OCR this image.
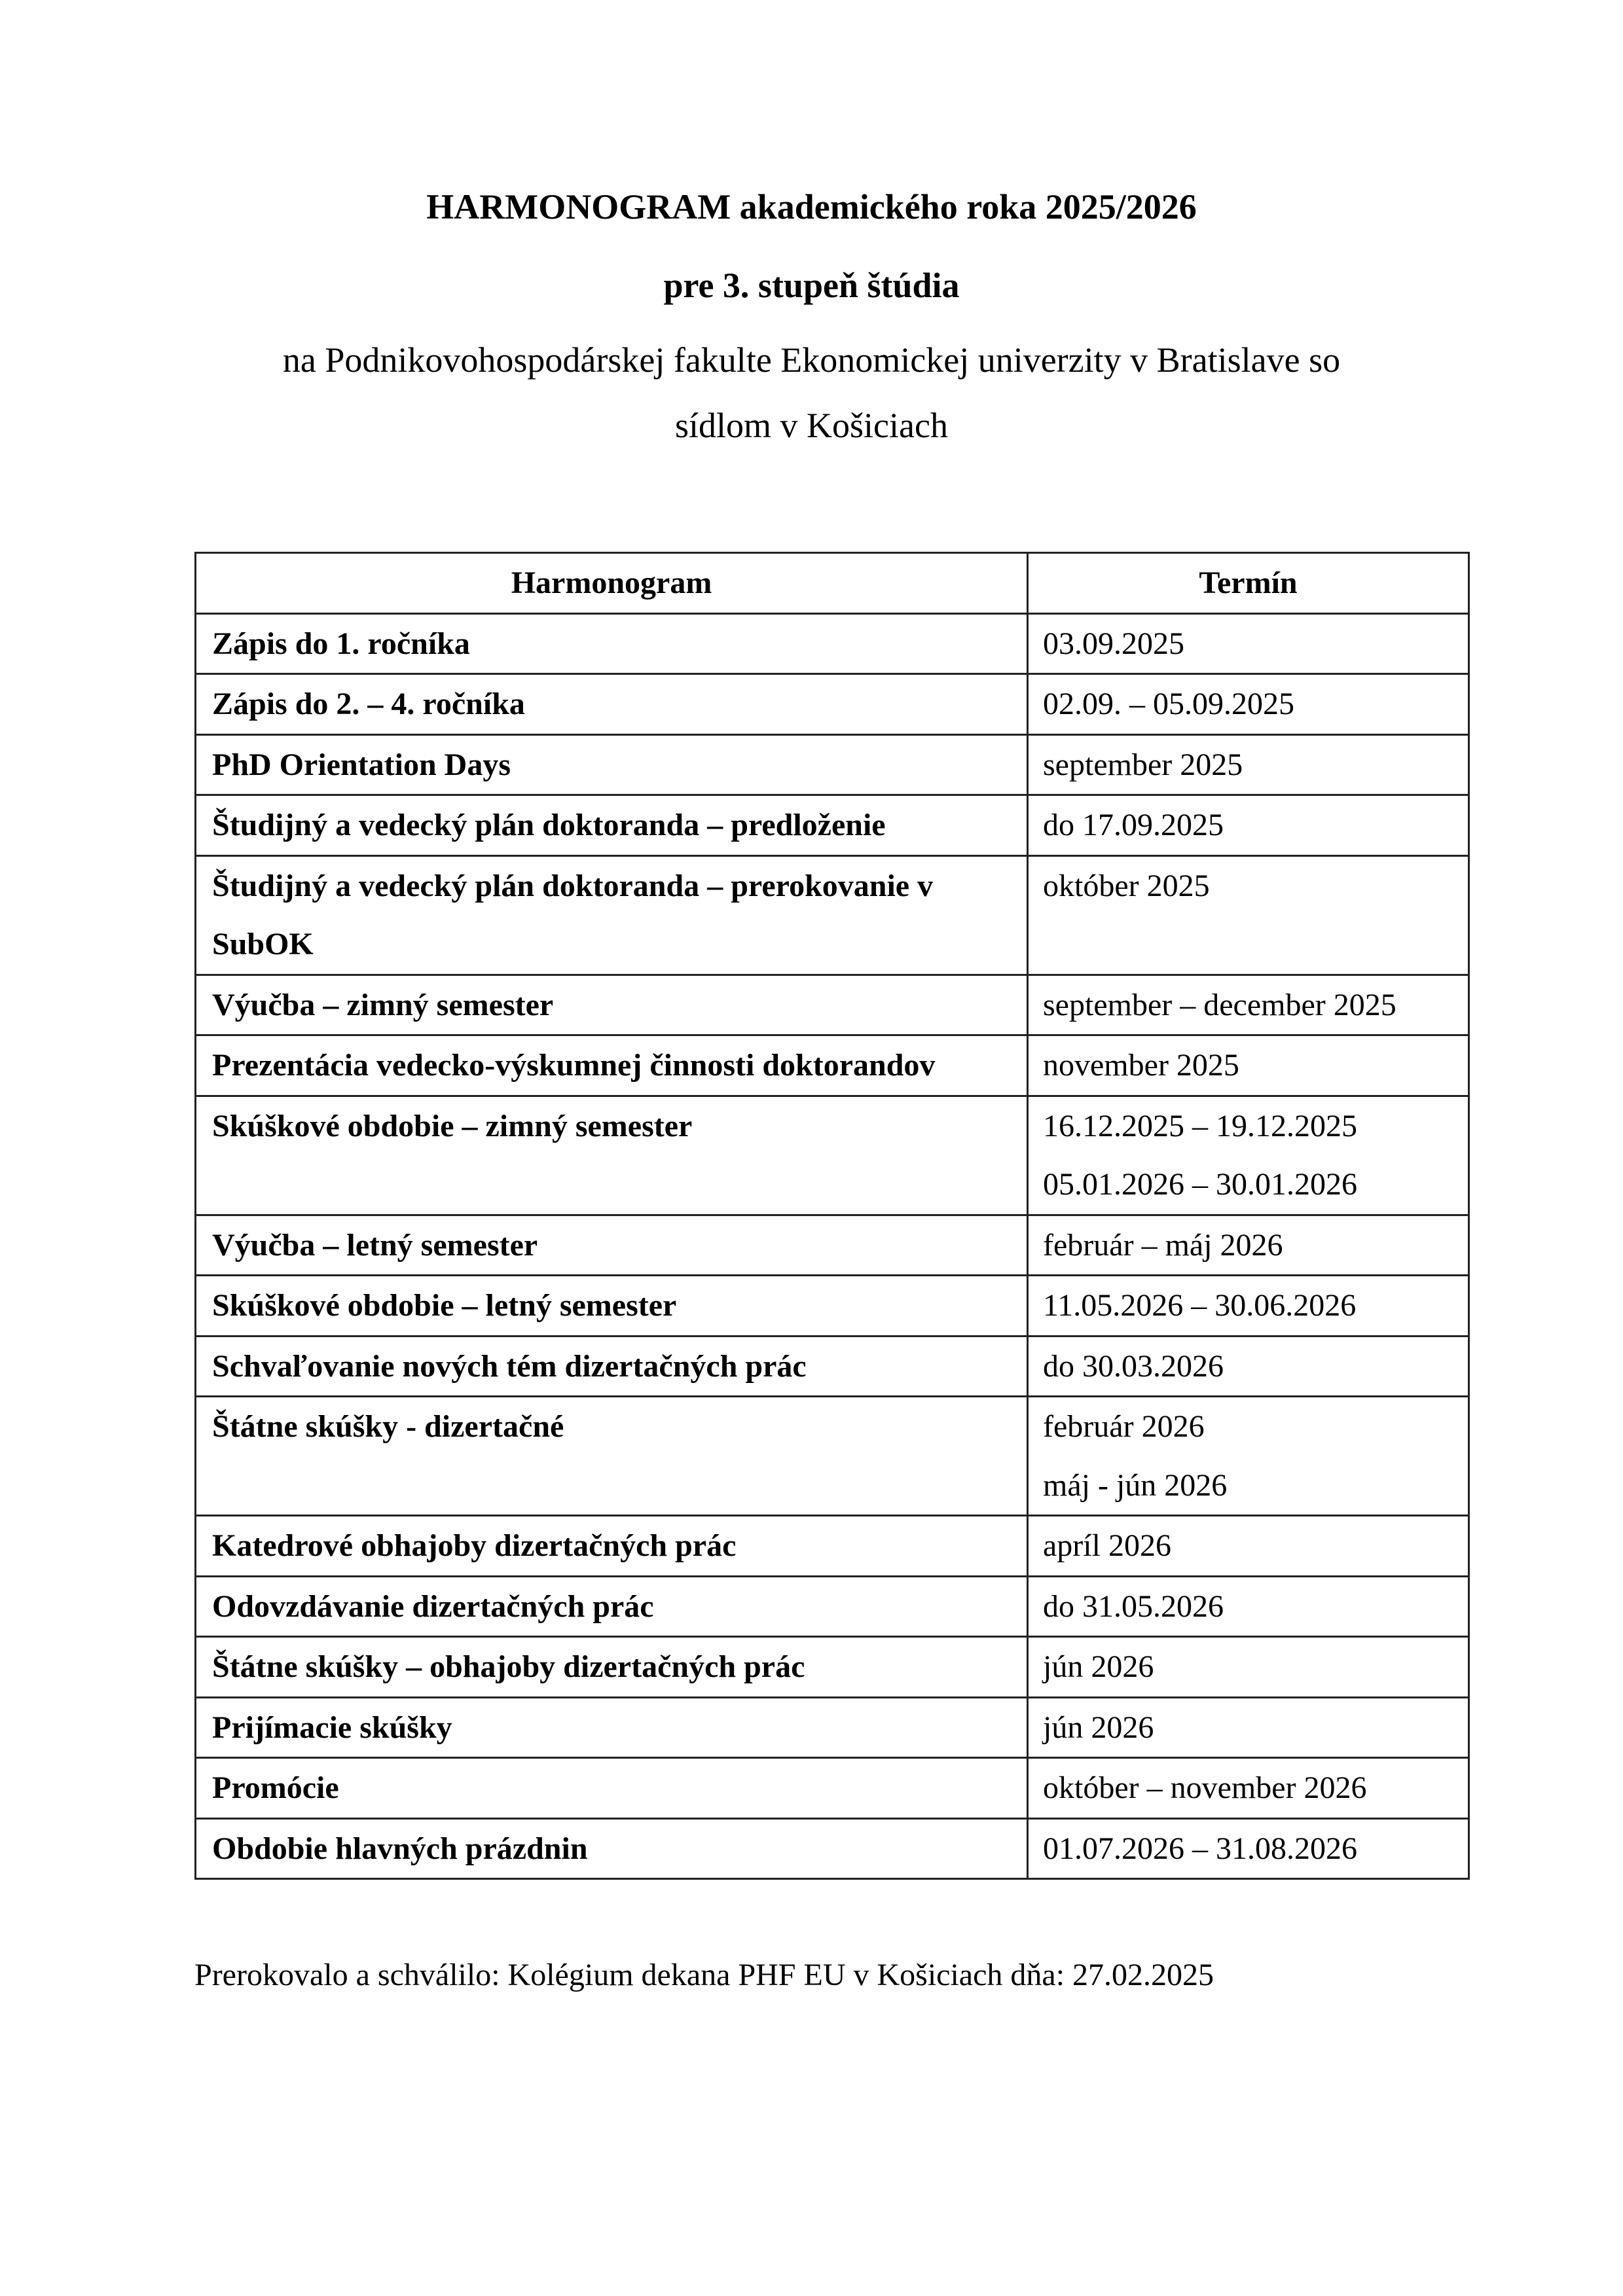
HARMONOGRAM akademického roka 2025/2026
pre 3. stupeň štúdia
na Podnikovohospodárskej fakulte Ekonomickej univerzity v Bratislave so
sídlom v Košiciach
Harmonogram	Termín
Zápis do 1. ročníka	03.09.2025

Zápis do 2. – 4. ročníka	02.09. – 05.09.2025

PhD Orientation Days	september 2025

Študijný a vedecký plán doktoranda – predloženie	do 17.09.2025

Študijný a vedecký plán doktoranda – prerokovanie v SubOK	október 2025

Výučba – zimný semester	september – december 2025

Prezentácia vedecko-výskumnej činnosti doktorandov	november 2025

Skúškové obdobie – zimný semester	16.12.2025 – 19.12.2025
05.01.2026 – 30.01.2026

Výučba – letný semester	február – máj 2026

Skúškové obdobie – letný semester	11.05.2026 – 30.06.2026

Schvaľovanie nových tém dizertačných prác	do 30.03.2026

Štátne skúšky - dizertačné	február 2026
máj - jún 2026

Katedrové obhajoby dizertačných prác	apríl 2026

Odovzdávanie dizertačných prác	do 31.05.2026

Štátne skúšky – obhajoby dizertačných prác	jún 2026

Prijímacie skúšky	jún 2026

Promócie	október – november 2026

Obdobie hlavných prázdnin	01.07.2026 – 31.08.2026
Prerokovalo a schválilo: Kolégium dekana PHF EU v Košiciach dňa: 27.02.2025
